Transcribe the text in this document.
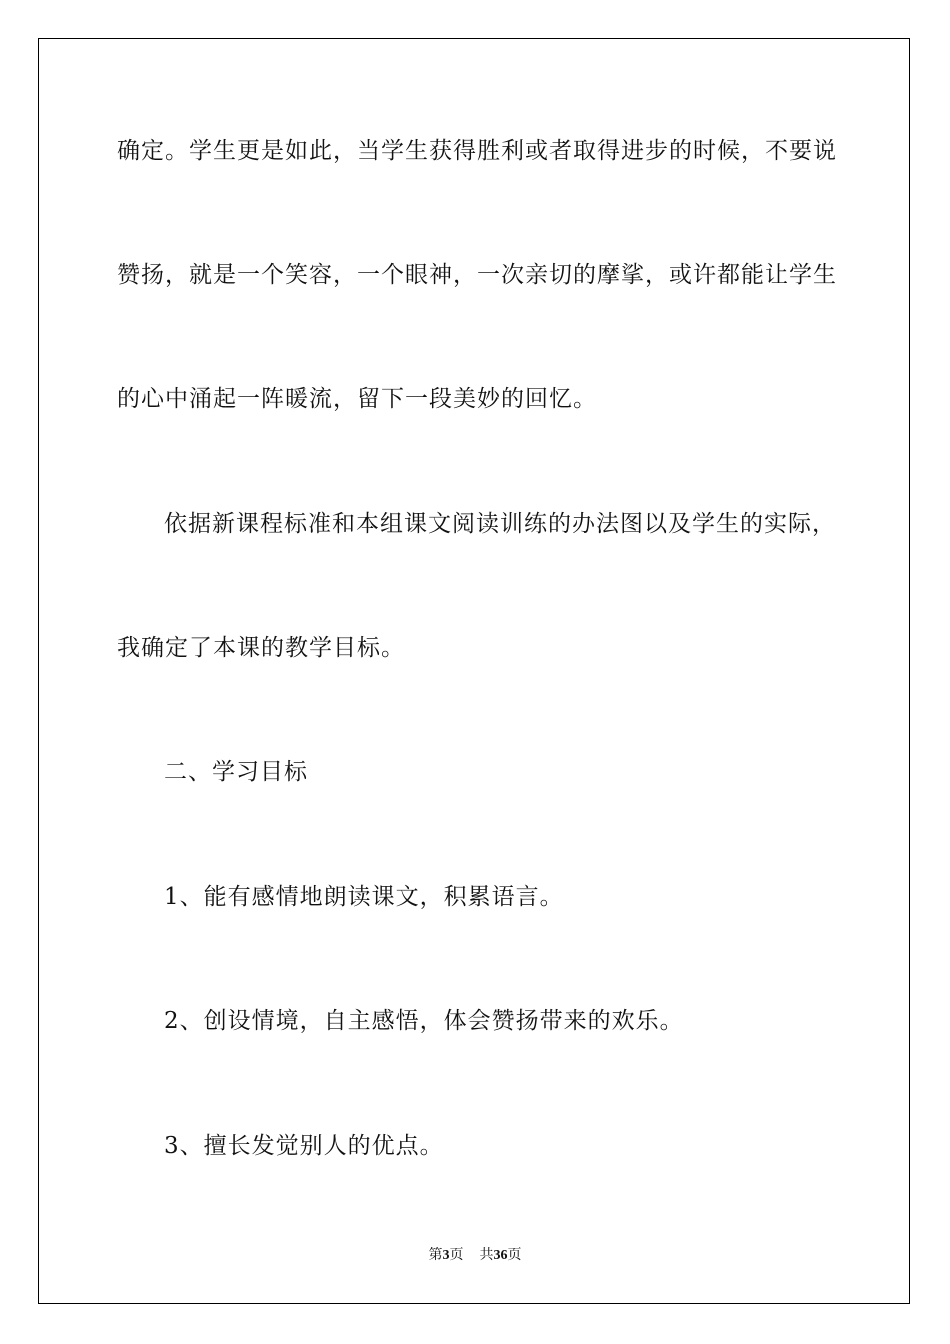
确定。学生更是如此，当学生获得胜利或者取得进步的时候，不要说
赞扬，就是一个笑容，一个眼神，一次亲切的摩挲，或许都能让学生
的心中涌起一阵暖流，留下一段美妙的回忆。
依据新课程标准和本组课文阅读训练的办法图以及学生的实际，
我确定了本课的教学目标。
二、学习目标
1、能有感情地朗读课文，积累语言。
2、创设情境，自主感悟，体会赞扬带来的欢乐。
3、擅长发觉别人的优点。
第3页 共36页
